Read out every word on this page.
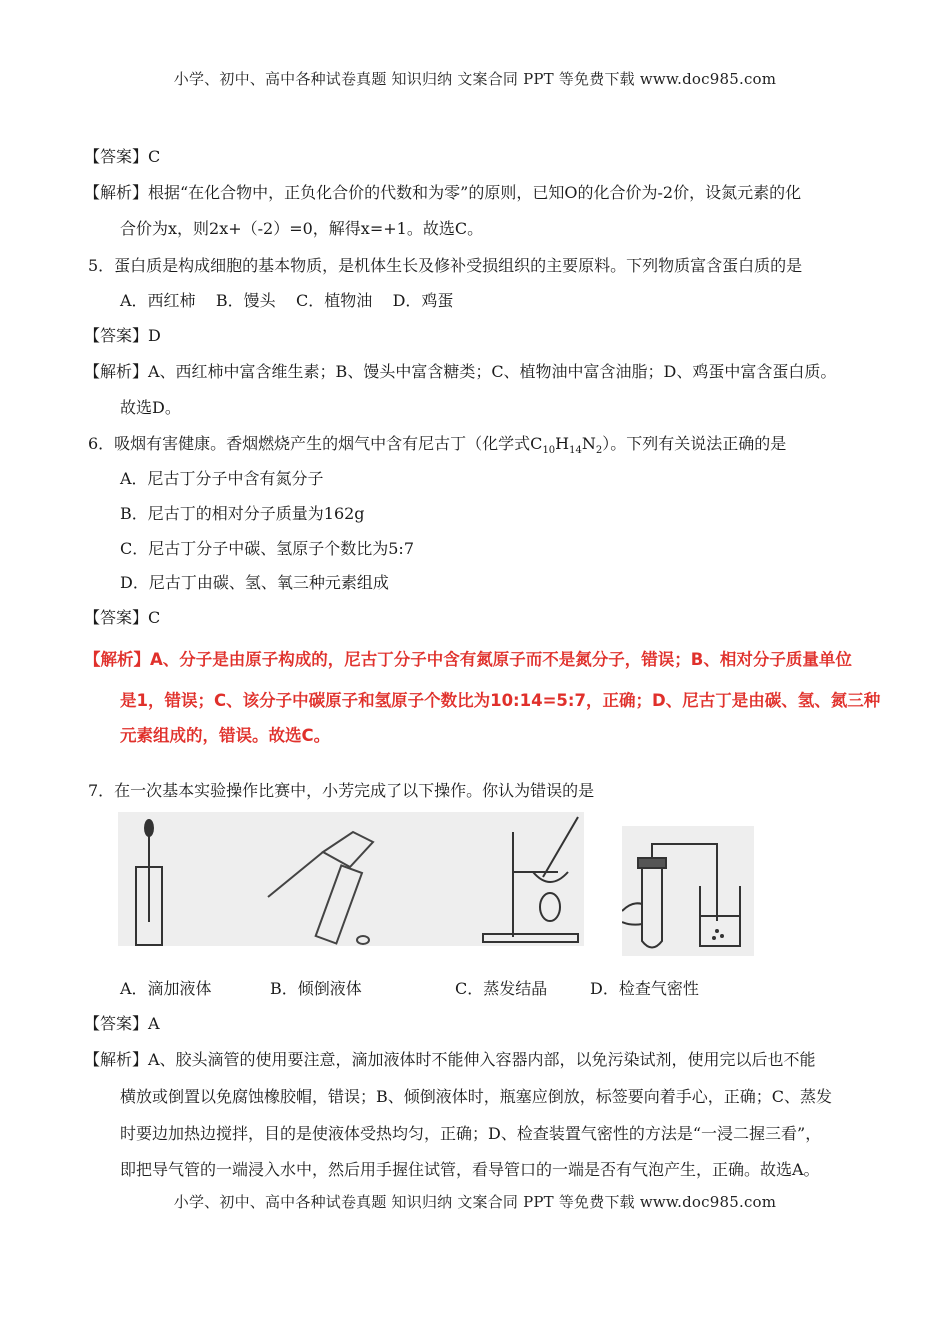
小学、初中、高中各种试卷真题 知识归纳 文案合同 PPT 等免费下载 www.doc985.com
【答案】C
【解析】根据“在化合物中，正负化合价的代数和为零”的原则，已知O的化合价为-2价，设氮元素的化
合价为x，则2x+（-2）=0，解得x=+1。故选C。
5．蛋白质是构成细胞的基本物质，是机体生长及修补受损组织的主要原料。下列物质富含蛋白质的是
A．西红柿    B．馒头    C．植物油    D．鸡蛋
【答案】D
【解析】A、西红柿中富含维生素；B、馒头中富含糖类；C、植物油中富含油脂；D、鸡蛋中富含蛋白质。
故选D。
6．吸烟有害健康。香烟燃烧产生的烟气中含有尼古丁（化学式$C_{10}H_{14}N_2$）。下列有关说法正确的是
A．尼古丁分子中含有氮分子
B．尼古丁的相对分子质量为162g
C．尼古丁分子中碳、氢原子个数比为5:7
D．尼古丁由碳、氢、氧三种元素组成
【答案】C
【解析】A、分子是由原子构成的，尼古丁分子中含有氮原子而不是氮分子，错误；B、相对分子质量单位
是1，错误；C、该分子中碳原子和氢原子个数比为10:14=5:7，正确；D、尼古丁是由碳、氢、氮三种
元素组成的，错误。故选C。
7．在一次基本实验操作比赛中，小芳完成了以下操作。你认为错误的是
A．滴加液体	B．倾倒液体	C．蒸发结晶	D．检查气密性
【答案】A
【解析】A、胶头滴管的使用要注意，滴加液体时不能伸入容器内部，以免污染试剂，使用完以后也不能
横放或倒置以免腐蚀橡胶帽，错误；B、倾倒液体时，瓶塞应倒放，标签要向着手心，正确；C、蒸发
时要边加热边搅拌，目的是使液体受热均匀，正确；D、检查装置气密性的方法是“一浸二握三看”，
即把导气管的一端浸入水中，然后用手握住试管，看导管口的一端是否有气泡产生，正确。故选A。
小学、初中、高中各种试卷真题 知识归纳 文案合同 PPT 等免费下载 www.doc985.com
